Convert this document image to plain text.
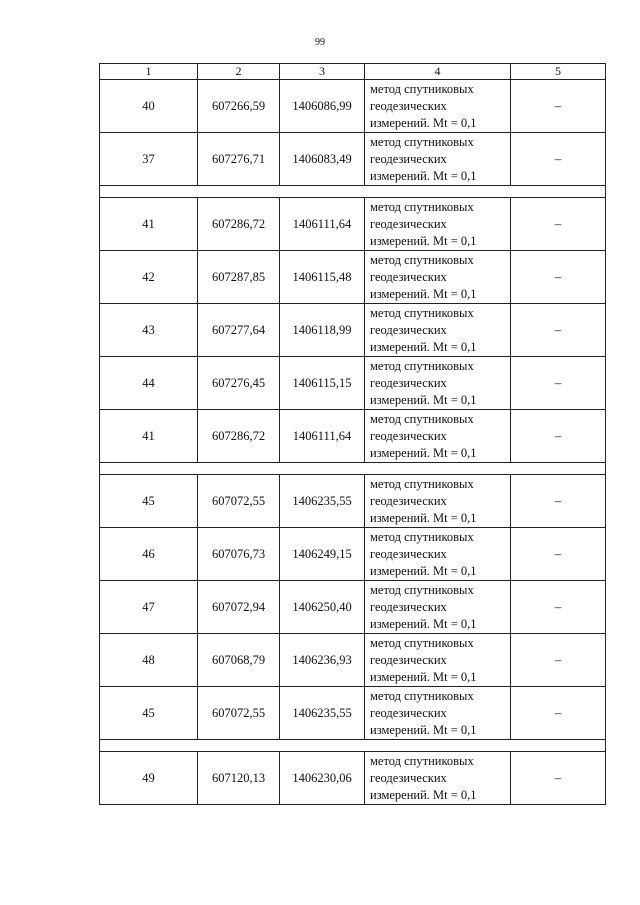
99
1	2	3	4	5
40	607266,59	1406086,99	метод спутниковых
геодезических
измерений. Mt = 0,1	–
37	607276,71	1406083,49	метод спутниковых
геодезических
измерений. Mt = 0,1	–

41	607286,72	1406111,64	метод спутниковых
геодезических
измерений. Mt = 0,1	–
42	607287,85	1406115,48	метод спутниковых
геодезических
измерений. Mt = 0,1	–
43	607277,64	1406118,99	метод спутниковых
геодезических
измерений. Mt = 0,1	–
44	607276,45	1406115,15	метод спутниковых
геодезических
измерений. Mt = 0,1	–
41	607286,72	1406111,64	метод спутниковых
геодезических
измерений. Mt = 0,1	–

45	607072,55	1406235,55	метод спутниковых
геодезических
измерений. Mt = 0,1	–
46	607076,73	1406249,15	метод спутниковых
геодезических
измерений. Mt = 0,1	–
47	607072,94	1406250,40	метод спутниковых
геодезических
измерений. Mt = 0,1	–
48	607068,79	1406236,93	метод спутниковых
геодезических
измерений. Mt = 0,1	–
45	607072,55	1406235,55	метод спутниковых
геодезических
измерений. Mt = 0,1	–

49	607120,13	1406230,06	метод спутниковых
геодезических
измерений. Mt = 0,1	–
